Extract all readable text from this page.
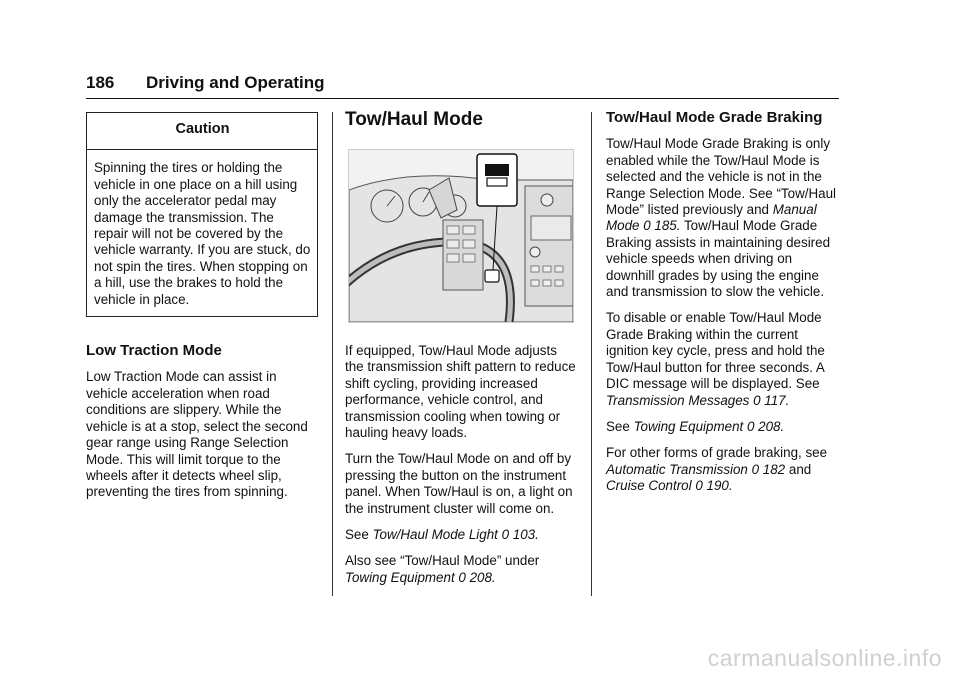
186 Driving and Operating
Caution
Spinning the tires or holding the vehicle in one place on a hill using only the accelerator pedal may damage the transmission. The repair will not be covered by the vehicle warranty. If you are stuck, do not spin the tires. When stopping on a hill, use the brakes to hold the vehicle in place.
Low Traction Mode

Low Traction Mode can assist in vehicle acceleration when road conditions are slippery. While the vehicle is at a stop, select the second gear range using Range Selection Mode. This will limit torque to the wheels after it detects wheel slip, preventing the tires from spinning.

Tow/Haul Mode

If equipped, Tow/Haul Mode adjusts the transmission shift pattern to reduce shift cycling, providing increased performance, vehicle control, and transmission cooling when towing or hauling heavy loads.

Turn the Tow/Haul Mode on and off by pressing the button on the instrument panel. When Tow/Haul is on, a light on the instrument cluster will come on.

See Tow/Haul Mode Light 0 103.

Also see “Tow/Haul Mode” under
Towing Equipment 0 208.

Tow/Haul Mode Grade Braking

Tow/Haul Mode Grade Braking is only enabled while the Tow/Haul Mode is selected and the vehicle is not in the Range Selection Mode. See “Tow/Haul Mode” listed previously and Manual Mode 0 185. Tow/Haul Mode Grade Braking assists in maintaining desired vehicle speeds when driving on downhill grades by using the engine and transmission to slow the vehicle.

To disable or enable Tow/Haul Mode Grade Braking within the current ignition key cycle, press and hold the Tow/Haul button for three seconds. A DIC message will be displayed. See Transmission Messages 0 117.

See Towing Equipment 0 208.

For other forms of grade braking, see Automatic Transmission 0 182 and Cruise Control 0 190.

carmanualsonline.info
